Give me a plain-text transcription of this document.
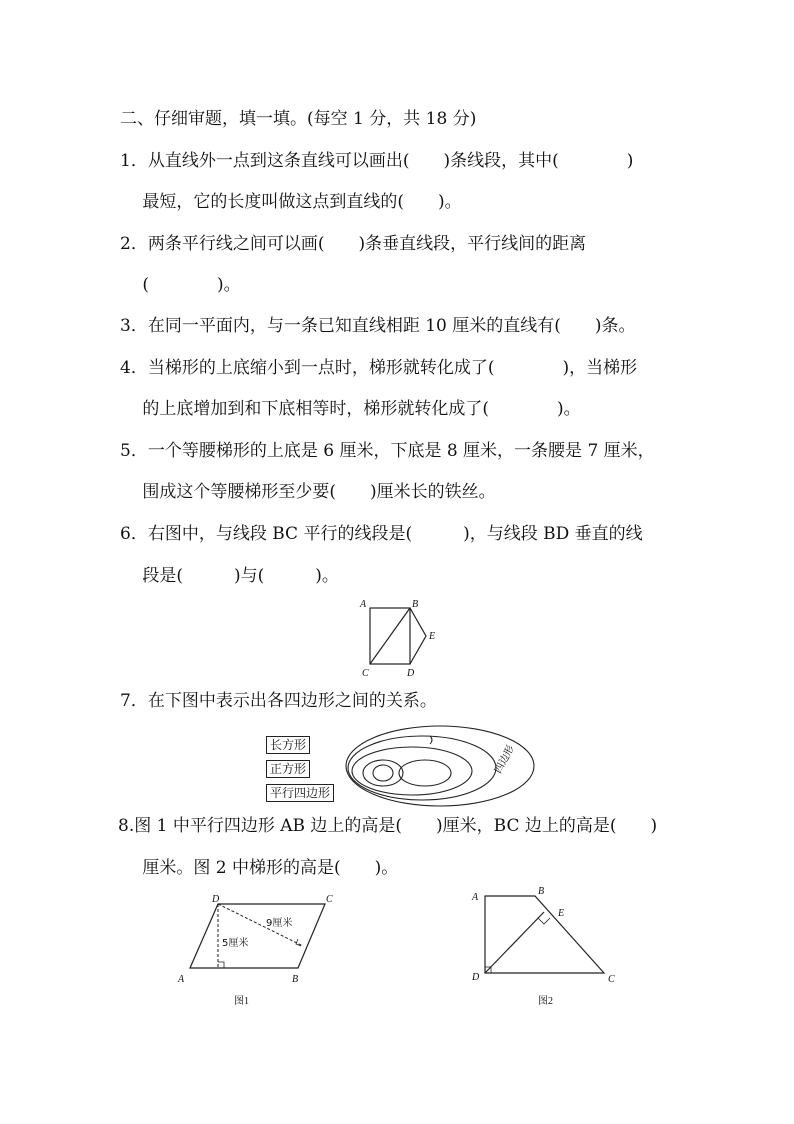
二、仔细审题，填一填。(每空 1 分，共 18 分)
1．从直线外一点到这条直线可以画出(　　)条线段，其中(　　　　)
　 最短，它的长度叫做这点到直线的(　　)。
2．两条平行线之间可以画(　　)条垂直线段，平行线间的距离
　 (　　　　)。
3．在同一平面内，与一条已知直线相距 10 厘米的直线有(　　)条。
4．当梯形的上底缩小到一点时，梯形就转化成了(　　　　)，当梯形
　 的上底增加到和下底相等时，梯形就转化成了(　　　　)。
5．一个等腰梯形的上底是 6 厘米，下底是 8 厘米，一条腰是 7 厘米，
　 围成这个等腰梯形至少要(　　)厘米长的铁丝。
6．右图中，与线段 BC 平行的线段是(　　　)，与线段 BD 垂直的线
　 段是(　　　)与(　　　)。
A	B
C	D
E
7．在下图中表示出各四边形之间的关系。
长方形
正方形
平行四边形
四边形
8.图 1 中平行四边形 AB 边上的高是(　　)厘米，BC 边上的高是(　　)
　 厘米。图 2 中梯形的高是(　　)。
D	C
A	B
9厘米
5厘米
图1
A
B
E
D	C
图2
